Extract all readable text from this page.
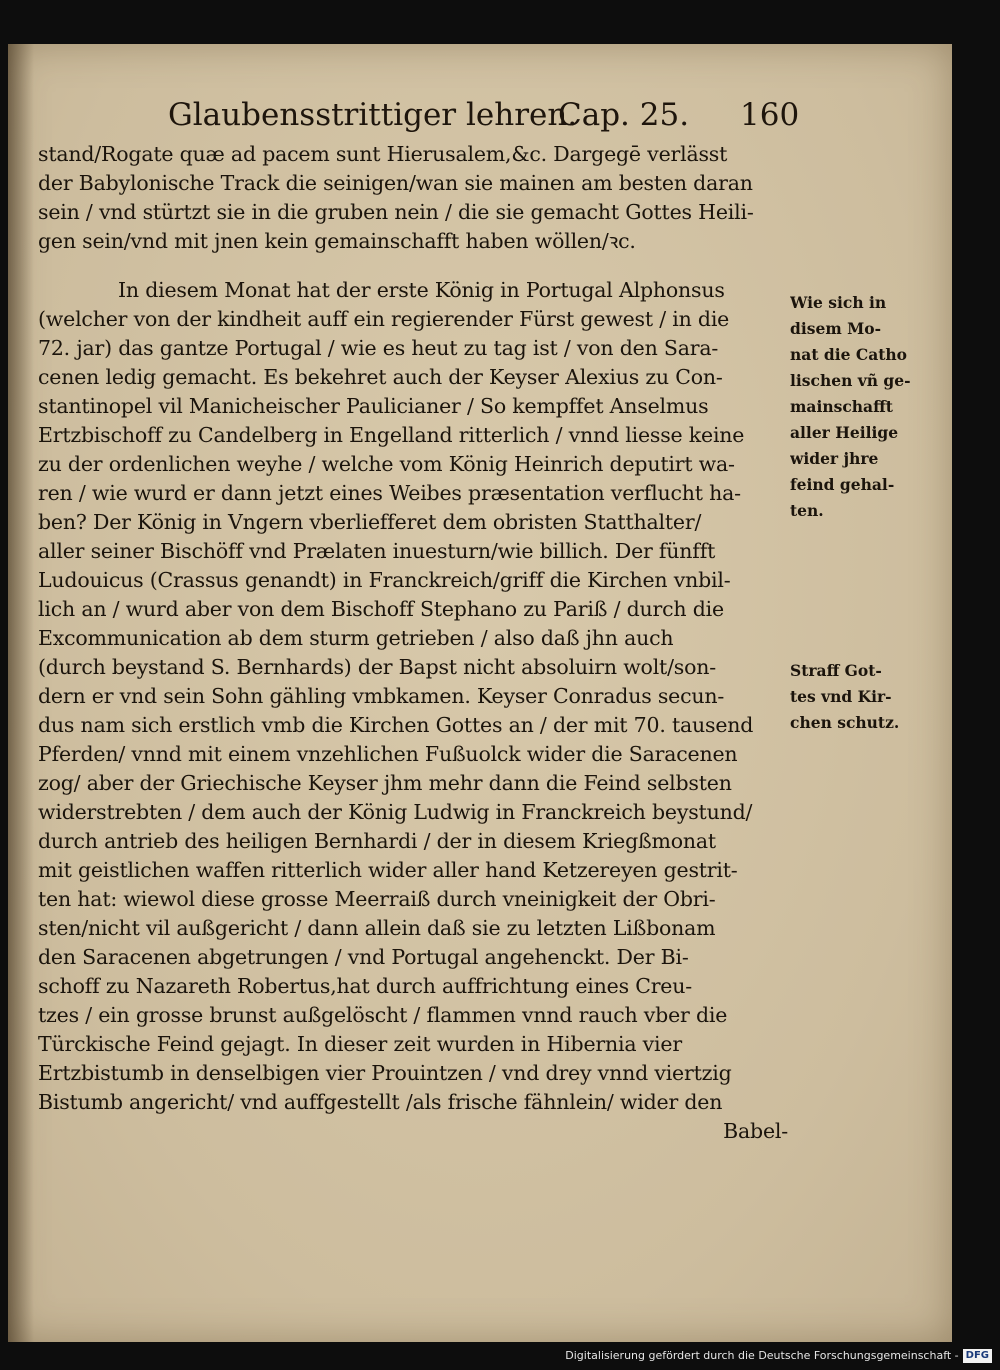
Glaubensstrittiger lehren.
Cap. 25. 160
stand/Rogate quæ ad pacem sunt Hierusalem,&c. Dargegē verlässt
der Babylonische Track die seinigen/wan sie mainen am besten daran
sein / vnd stürtzt sie in die gruben nein / die sie gemacht Gottes Heili-
gen sein/vnd mit jnen kein gemainschafft haben wöllen/ꝛc.
In diesem Monat hat der erste König in Portugal Alphonsus
(welcher von der kindheit auff ein regierender Fürst gewest / in die
72. jar) das gantze Portugal / wie es heut zu tag ist / von den Sara-
cenen ledig gemacht. Es bekehret auch der Keyser Alexius zu Con-
stantinopel vil Manicheischer Paulicianer / So kempffet Anselmus
Ertzbischoff zu Candelberg in Engelland ritterlich / vnnd liesse keine
zu der ordenlichen weyhe / welche vom König Heinrich deputirt wa-
ren / wie wurd er dann jetzt eines Weibes præsentation verflucht ha-
ben? Der König in Vngern vberliefferet dem obristen Statthalter/
aller seiner Bischöff vnd Prælaten inuesturn/wie billich. Der fünfft
Ludouicus (Crassus genandt) in Franckreich/griff die Kirchen vnbil-
lich an / wurd aber von dem Bischoff Stephano zu Pariß / durch die
Excommunication ab dem sturm getrieben / also daß jhn auch
(durch beystand S. Bernhards) der Bapst nicht absoluirn wolt/son-
dern er vnd sein Sohn gähling vmbkamen. Keyser Conradus secun-
dus nam sich erstlich vmb die Kirchen Gottes an / der mit 70. tausend
Pferden/ vnnd mit einem vnzehlichen Fußuolck wider die Saracenen
zog/ aber der Griechische Keyser jhm mehr dann die Feind selbsten
widerstrebten / dem auch der König Ludwig in Franckreich beystund/
durch antrieb des heiligen Bernhardi / der in diesem Kriegßmonat
mit geistlichen waffen ritterlich wider aller hand Ketzereyen gestrit-
ten hat: wiewol diese grosse Meerraiß durch vneinigkeit der Obri-
sten/nicht vil außgericht / dann allein daß sie zu letzten Lißbonam
den Saracenen abgetrungen / vnd Portugal angehenckt. Der Bi-
schoff zu Nazareth Robertus,hat durch auffrichtung eines Creu-
tzes / ein grosse brunst außgelöscht / flammen vnnd rauch vber die
Türckische Feind gejagt. In dieser zeit wurden in Hibernia vier
Ertzbistumb in denselbigen vier Prouintzen / vnd drey vnnd viertzig
Bistumb angericht/ vnd auffgestellt /als frische fähnlein/ wider den
Babel-
Wie sich in
disem Mo-
nat die Catho
lischen vñ ge-
mainschafft
aller Heilige
wider jhre
feind gehal-
ten.
Straff Got-
tes vnd Kir-
chen schutz.
Digitalisierung gefördert durch die Deutsche Forschungsgemeinschaft - DFG
